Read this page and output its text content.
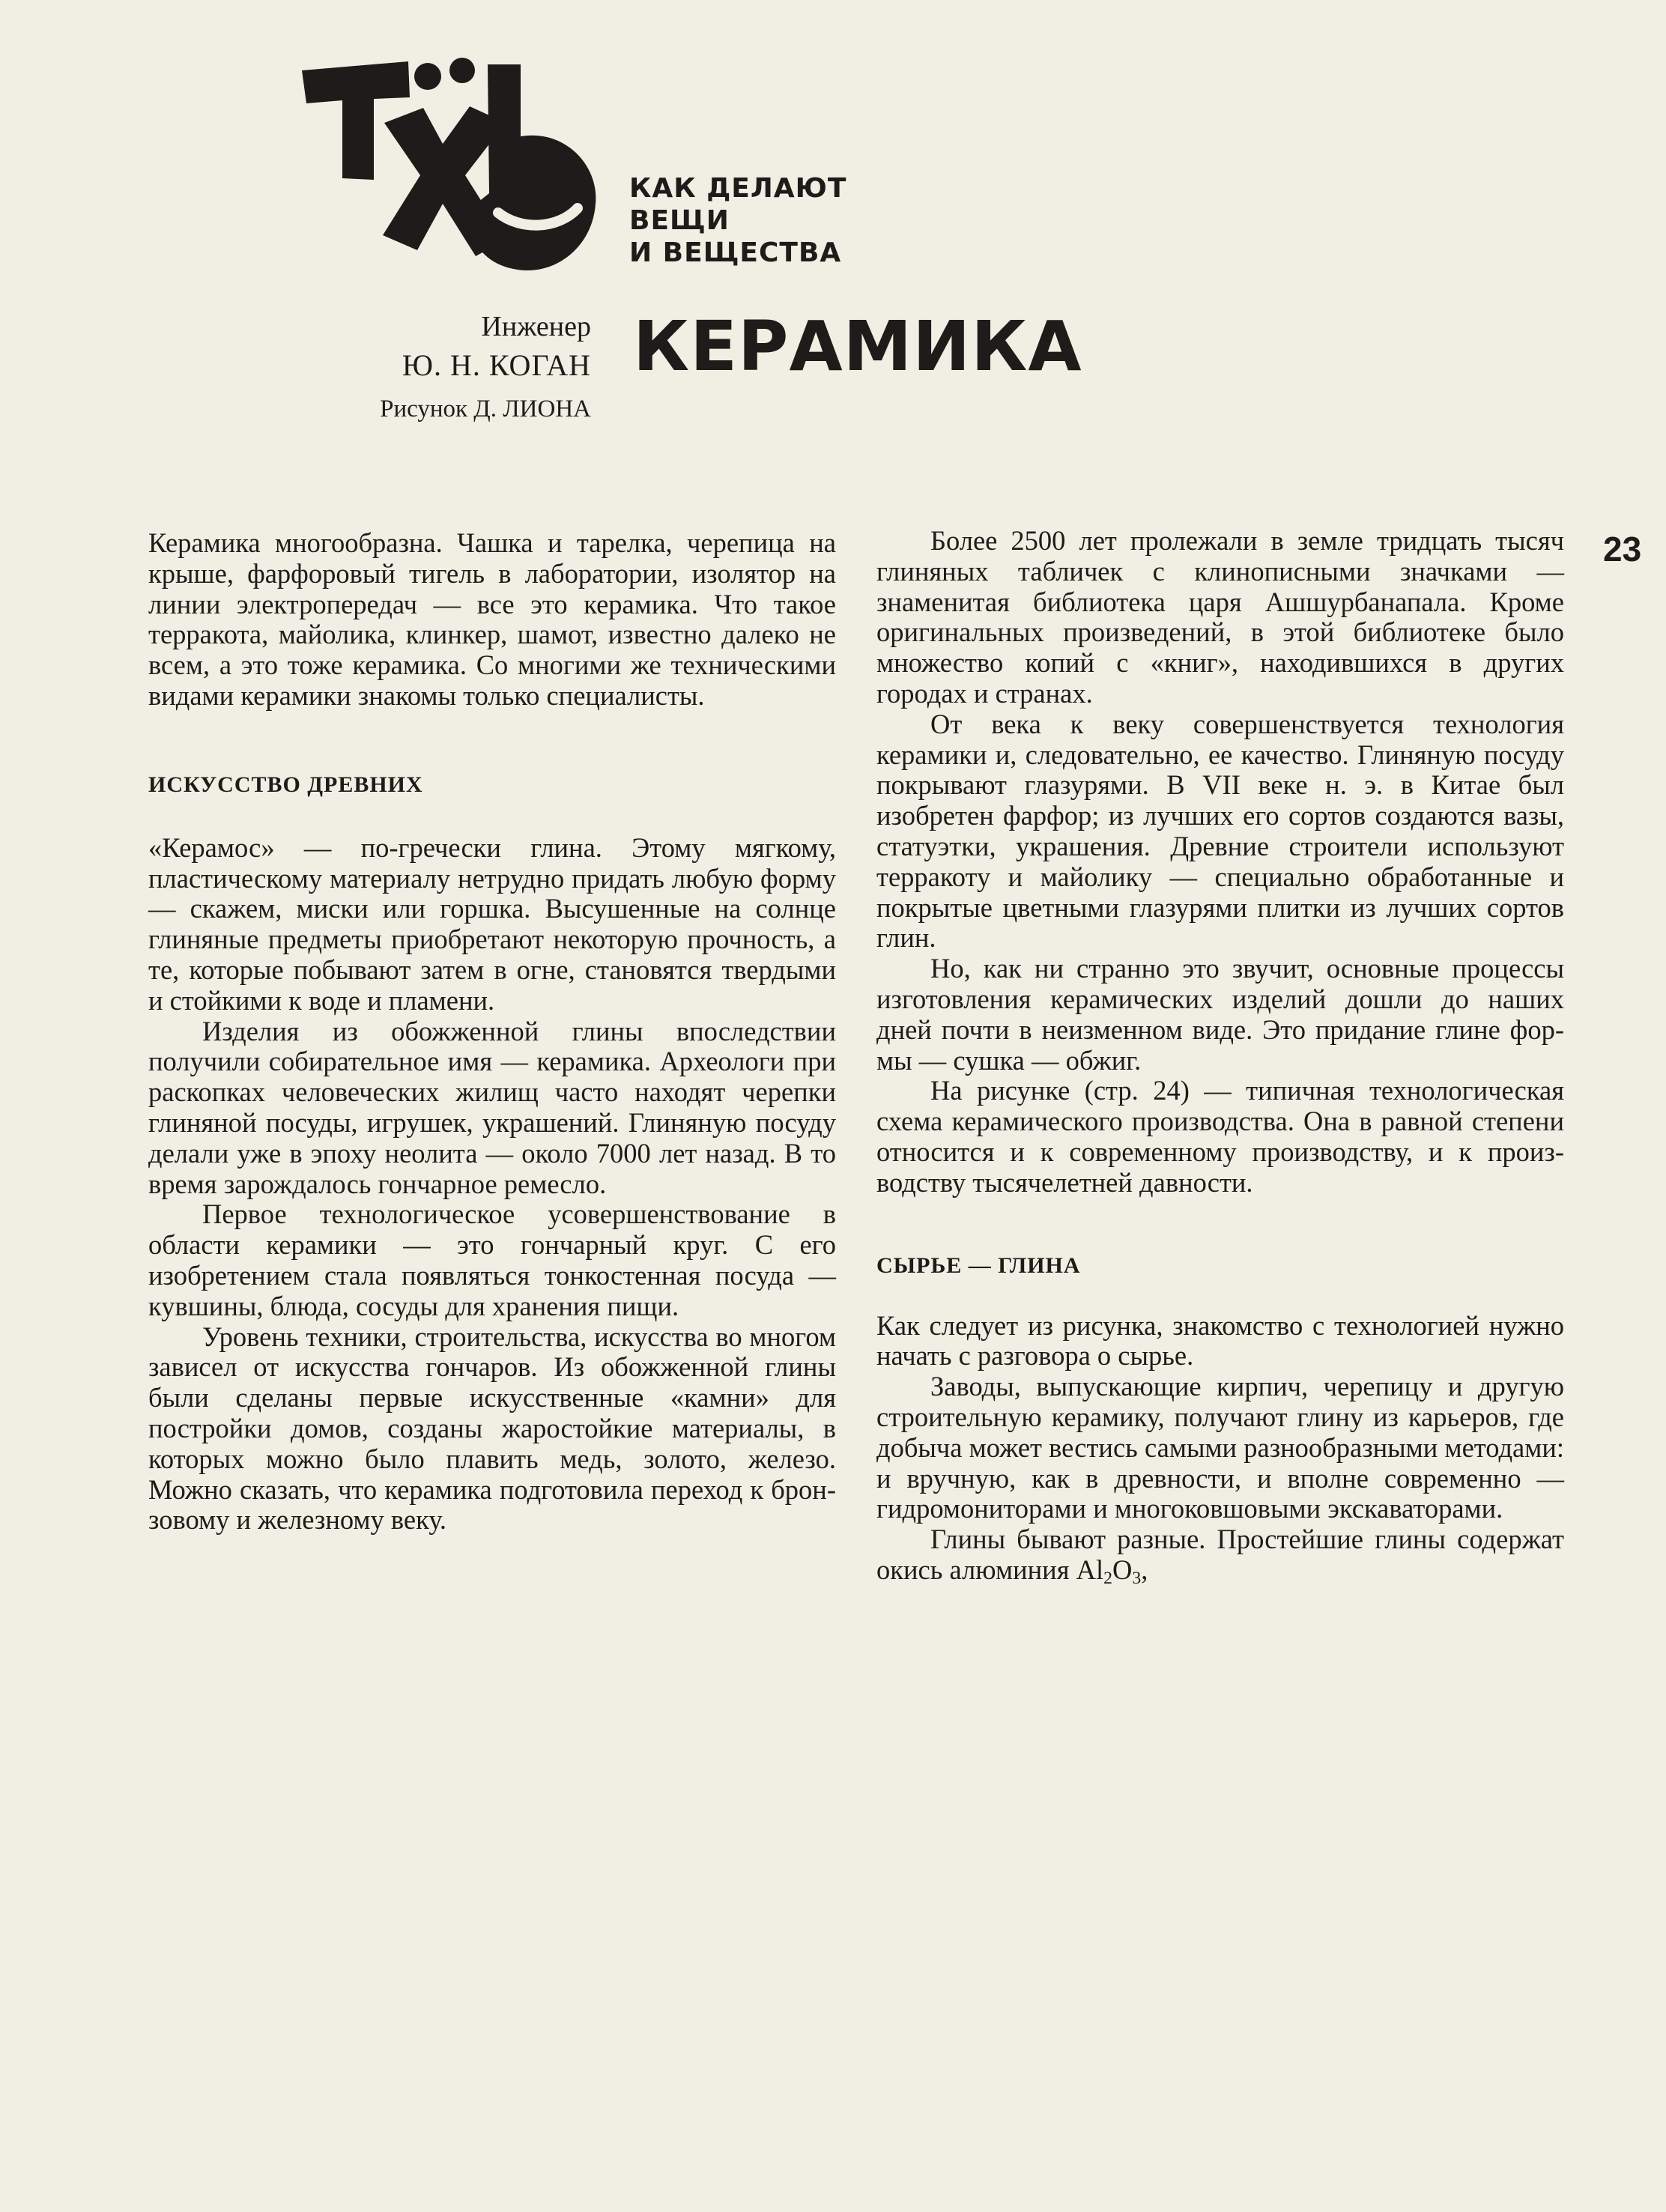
КАК ДЕЛАЮТ
ВЕЩИ
И ВЕЩЕСТВА
Инженер
Ю. Н. КОГАН
Рисунок Д. ЛИОНА
КЕРАМИКА
23

Керамика многообразна. Чашка и тарелка, черепица на крыше, фарфоровый тигель в лаборатории, изолятор на линии электропередач — все это керамика. Что такое терракота, майолика, клинкер, шамот, известно далеко не всем, а это тоже керамика. Со многими же техническими видами керамики знакомы только специалисты.

ИСКУССТВО ДРЕВНИХ

«Керамос» — по-гречески глина. Этому мягкому, пластическому материалу нетрудно придать любую форму — скажем, миски или горшка. Высушенные на солнце глиняные предметы приобретают некоторую прочность, а те, которые побывают затем в огне, становятся твердыми и стойкими к воде и пламени.

Изделия из обожженной глины впоследствии получили собирательное имя — керамика. Археологи при раскопках человеческих жилищ часто находят черепки глиняной посуды, игрушек, украшений. Глиняную посуду делали уже в эпоху неолита — около 7000 лет назад. В то время зарождалось гончарное ремесло.

Первое технологическое усовершенствование в области керамики — это гончарный круг. С его изобретением стала появляться тонкостенная посуда — кувшины, блюда, сосуды для хранения пищи.

Уровень техники, строительства, искусства во многом зависел от искусства гончаров. Из обожженной глины были сделаны первые искусственные «камни» для постройки домов, созданы жаростойкие материалы, в которых можно было плавить медь, золото, железо. Можно сказать, что керамика подготовила переход к бронзовому и железному веку.

Более 2500 лет пролежали в земле тридцать тысяч глиняных табличек с клинописными значками — знаменитая библиотека царя Ашшурбанапала. Кроме оригинальных произведений, в этой библиотеке было множество копий с «книг», находившихся в других городах и странах.

От века к веку совершенствуется технология керамики и, следовательно, ее качество. Глиняную посуду покрывают глазурями. В VII веке н. э. в Китае был изобретен фарфор; из лучших его сортов создаются вазы, статуэтки, украшения. Древние строители используют терракоту и майолику — специально обработанные и покрытые цветными глазурями плитки из лучших сортов глин.

Но, как ни странно это звучит, основные процессы изготовления керамических изделий дошли до наших дней почти в неизменном виде. Это придание глине формы — сушка — обжиг.

На рисунке (стр. 24) — типичная технологическая схема керамического производства. Она в равной степени относится и к современному производству, и к производству тысячелетней давности.

СЫРЬЕ — ГЛИНА

Как следует из рисунка, знакомство с технологией нужно начать с разговора о сырье.

Заводы, выпускающие кирпич, черепицу и другую строительную керамику, получают глину из карьеров, где добыча может вестись самыми разнообразными методами: и вручную, как в древности, и вполне современно — гидромониторами и многоковшовыми экскаваторами.

Глины бывают разные. Простейшие глины содержат окись алюминия $Al_2O_3$,
